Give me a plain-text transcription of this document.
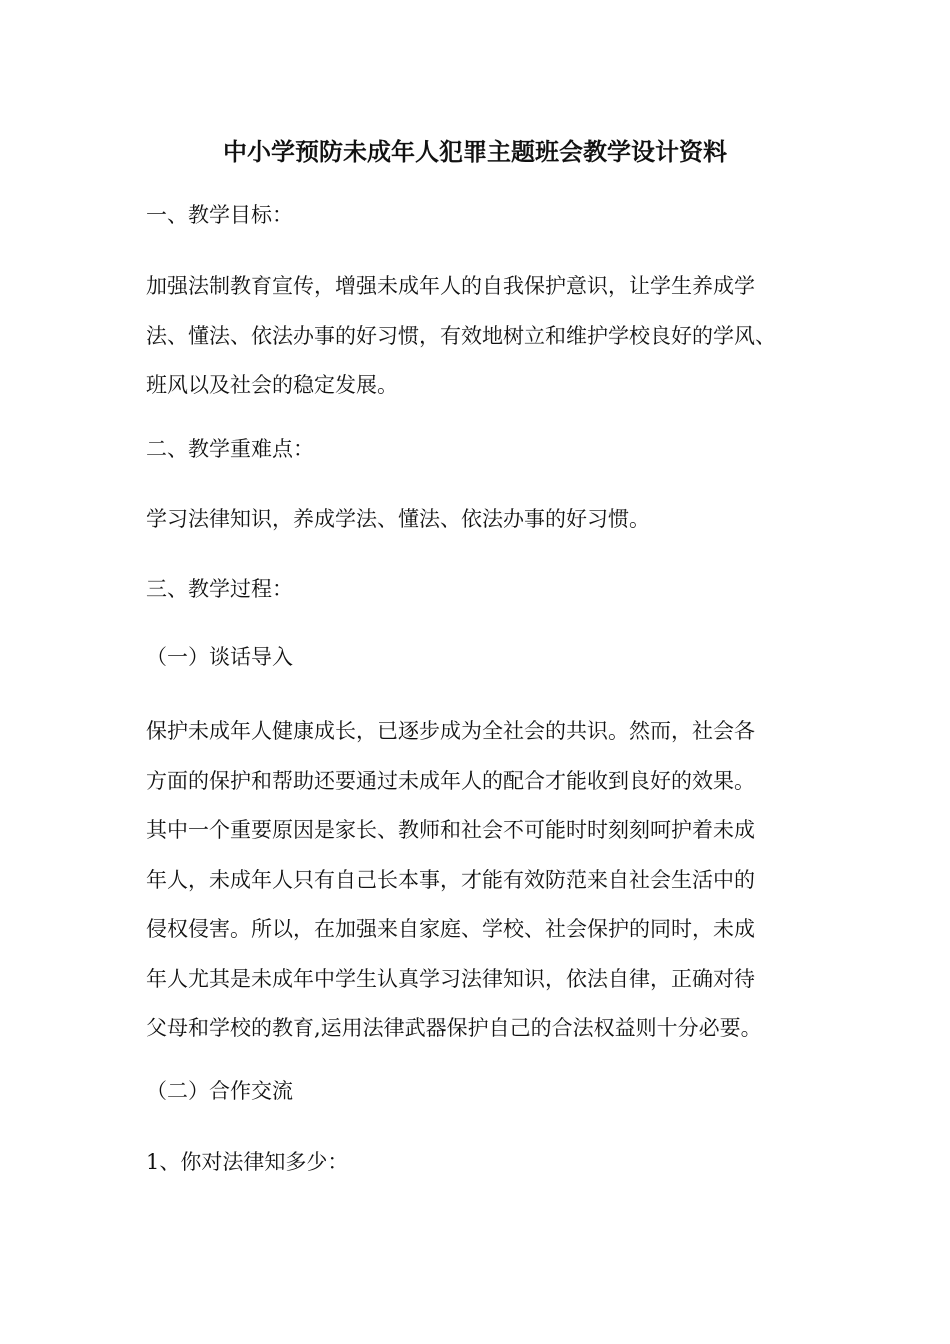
中小学预防未成年人犯罪主题班会教学设计资料

一、教学目标：

加强法制教育宣传，增强未成年人的自我保护意识，让学生养成学
法、懂法、依法办事的好习惯，有效地树立和维护学校良好的学风、
班风以及社会的稳定发展。

二、教学重难点：

学习法律知识，养成学法、懂法、依法办事的好习惯。

三、教学过程：

（一）谈话导入

保护未成年人健康成长，已逐步成为全社会的共识。然而，社会各
方面的保护和帮助还要通过未成年人的配合才能收到良好的效果。
其中一个重要原因是家长、教师和社会不可能时时刻刻呵护着未成
年人，未成年人只有自己长本事，才能有效防范来自社会生活中的
侵权侵害。所以，在加强来自家庭、学校、社会保护的同时，未成
年人尤其是未成年中学生认真学习法律知识，依法自律，正确对待
父母和学校的教育,运用法律武器保护自己的合法权益则十分必要。

（二）合作交流

1、你对法律知多少：
